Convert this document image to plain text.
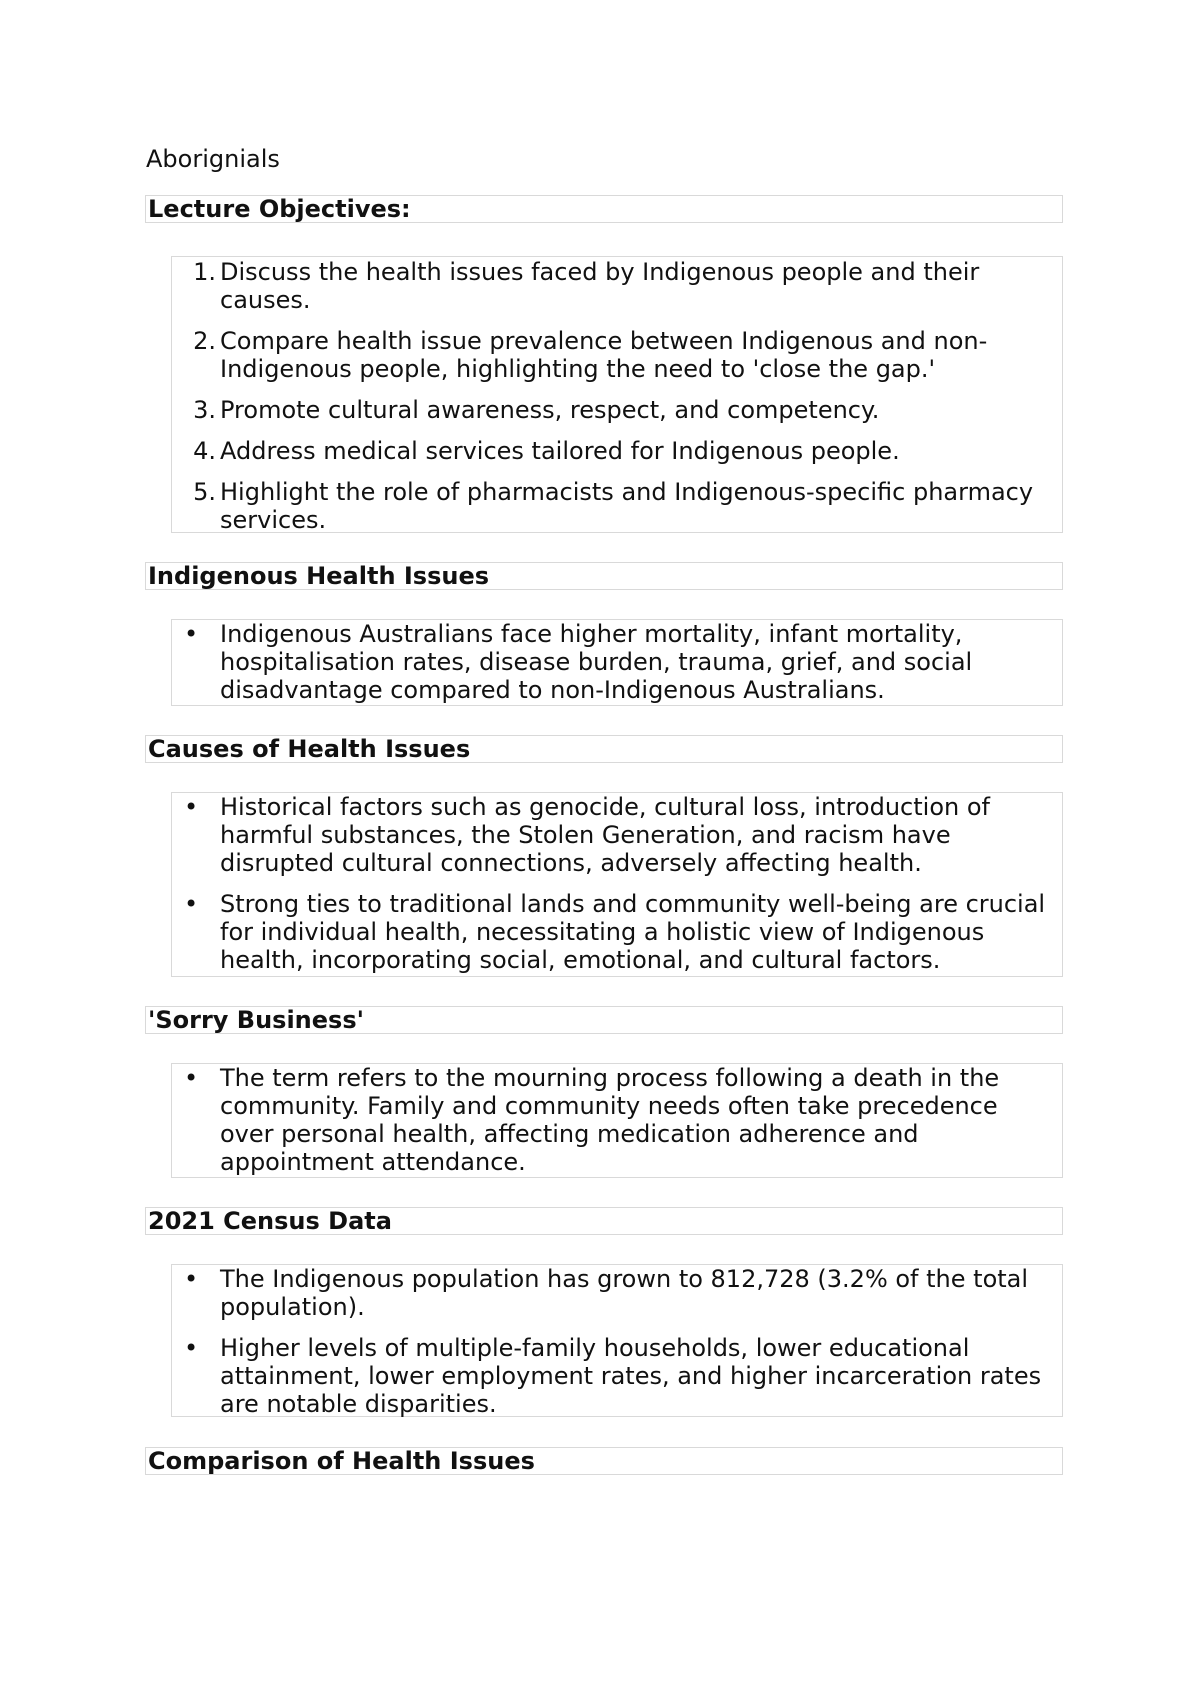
Aborignials
Lecture Objectives:
1. Discuss the health issues faced by Indigenous people and their
causes.
2. Compare health issue prevalence between Indigenous and non-
Indigenous people, highlighting the need to 'close the gap.'
3. Promote cultural awareness, respect, and competency.
4. Address medical services tailored for Indigenous people.
5. Highlight the role of pharmacists and Indigenous-specific pharmacy
services.
Indigenous Health Issues
• Indigenous Australians face higher mortality, infant mortality,
hospitalisation rates, disease burden, trauma, grief, and social
disadvantage compared to non-Indigenous Australians.
Causes of Health Issues
• Historical factors such as genocide, cultural loss, introduction of
harmful substances, the Stolen Generation, and racism have
disrupted cultural connections, adversely affecting health.
• Strong ties to traditional lands and community well-being are crucial
for individual health, necessitating a holistic view of Indigenous
health, incorporating social, emotional, and cultural factors.
'Sorry Business'
• The term refers to the mourning process following a death in the
community. Family and community needs often take precedence
over personal health, affecting medication adherence and
appointment attendance.
2021 Census Data
• The Indigenous population has grown to 812,728 (3.2% of the total
population).
• Higher levels of multiple-family households, lower educational
attainment, lower employment rates, and higher incarceration rates
are notable disparities.
Comparison of Health Issues
